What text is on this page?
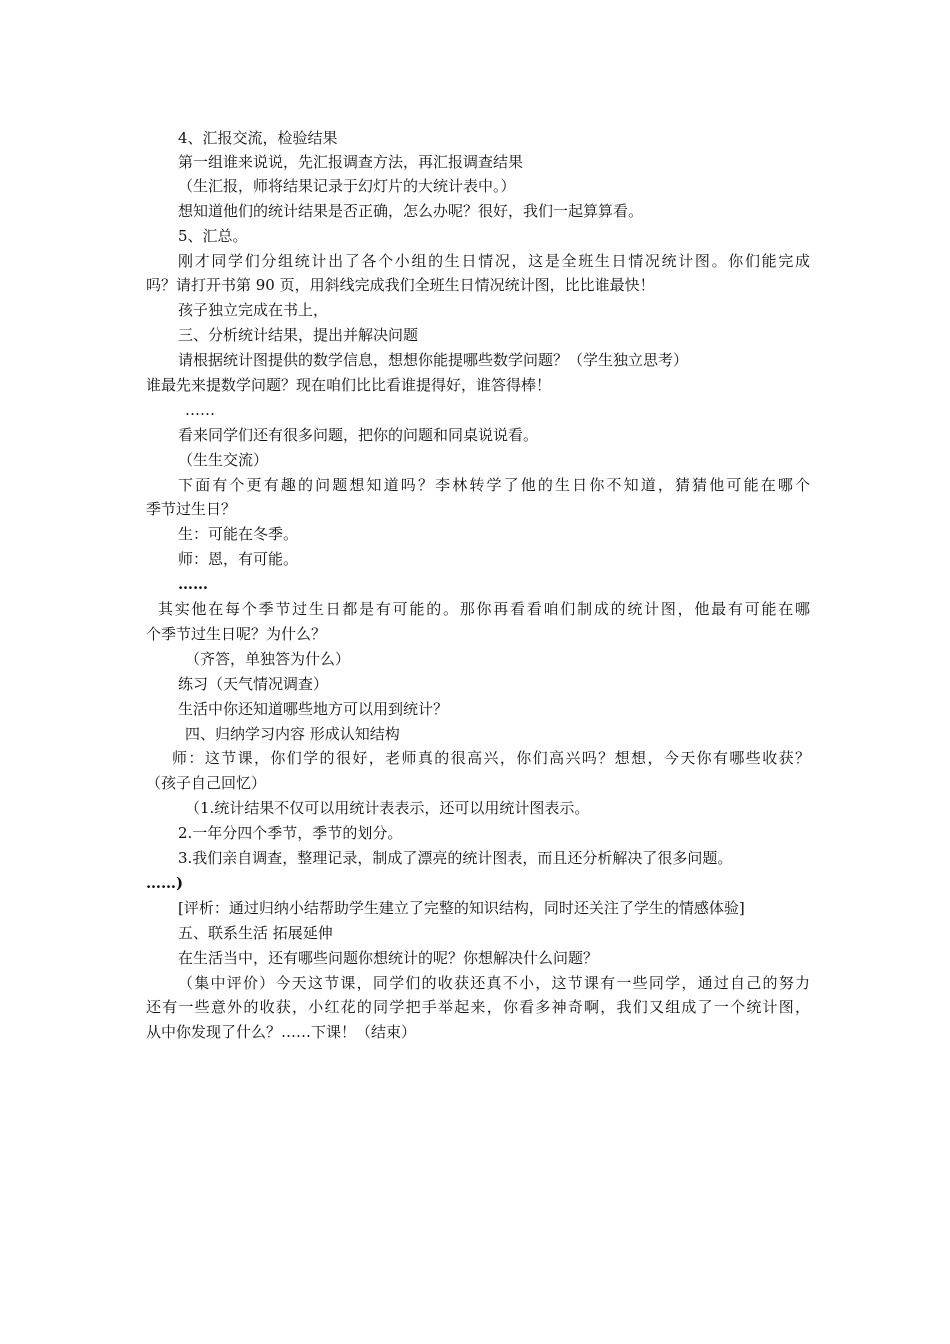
4、汇报交流，检验结果
第一组谁来说说，先汇报调查方法，再汇报调查结果
（生汇报，师将结果记录于幻灯片的大统计表中。）
想知道他们的统计结果是否正确，怎么办呢？很好，我们一起算算看。
5、汇总。
刚才同学们分组统计出了各个小组的生日情况，这是全班生日情况统计图。你们能完成
吗？请打开书第 90 页，用斜线完成我们全班生日情况统计图，比比谁最快！
孩子独立完成在书上，
三、分析统计结果，提出并解决问题
请根据统计图提供的数学信息，想想你能提哪些数学问题？（学生独立思考）
谁最先来提数学问题？现在咱们比比看谁提得好，谁答得棒！
……
看来同学们还有很多问题，把你的问题和同桌说说看。
（生生交流）
下面有个更有趣的问题想知道吗？李林转学了他的生日你不知道，猜猜他可能在哪个
季节过生日？
生：可能在冬季。
师：恩，有可能。
……
其实他在每个季节过生日都是有可能的。那你再看看咱们制成的统计图，他最有可能在哪
个季节过生日呢？为什么？
（齐答，单独答为什么）
练习（天气情况调查）
生活中你还知道哪些地方可以用到统计？
四、归纳学习内容 形成认知结构
师：这节课，你们学的很好，老师真的很高兴，你们高兴吗？想想，今天你有哪些收获？
（孩子自己回忆）
（1.统计结果不仅可以用统计表表示，还可以用统计图表示。
2.一年分四个季节，季节的划分。
3.我们亲自调查，整理记录，制成了漂亮的统计图表，而且还分析解决了很多问题。
……)
[评析：通过归纳小结帮助学生建立了完整的知识结构，同时还关注了学生的情感体验]
五、联系生活 拓展延伸
在生活当中，还有哪些问题你想统计的呢？你想解决什么问题？
（集中评价）今天这节课，同学们的收获还真不小，这节课有一些同学，通过自己的努力
还有一些意外的收获，小红花的同学把手举起来，你看多神奇啊，我们又组成了一个统计图，
从中你发现了什么？……下课！（结束）
